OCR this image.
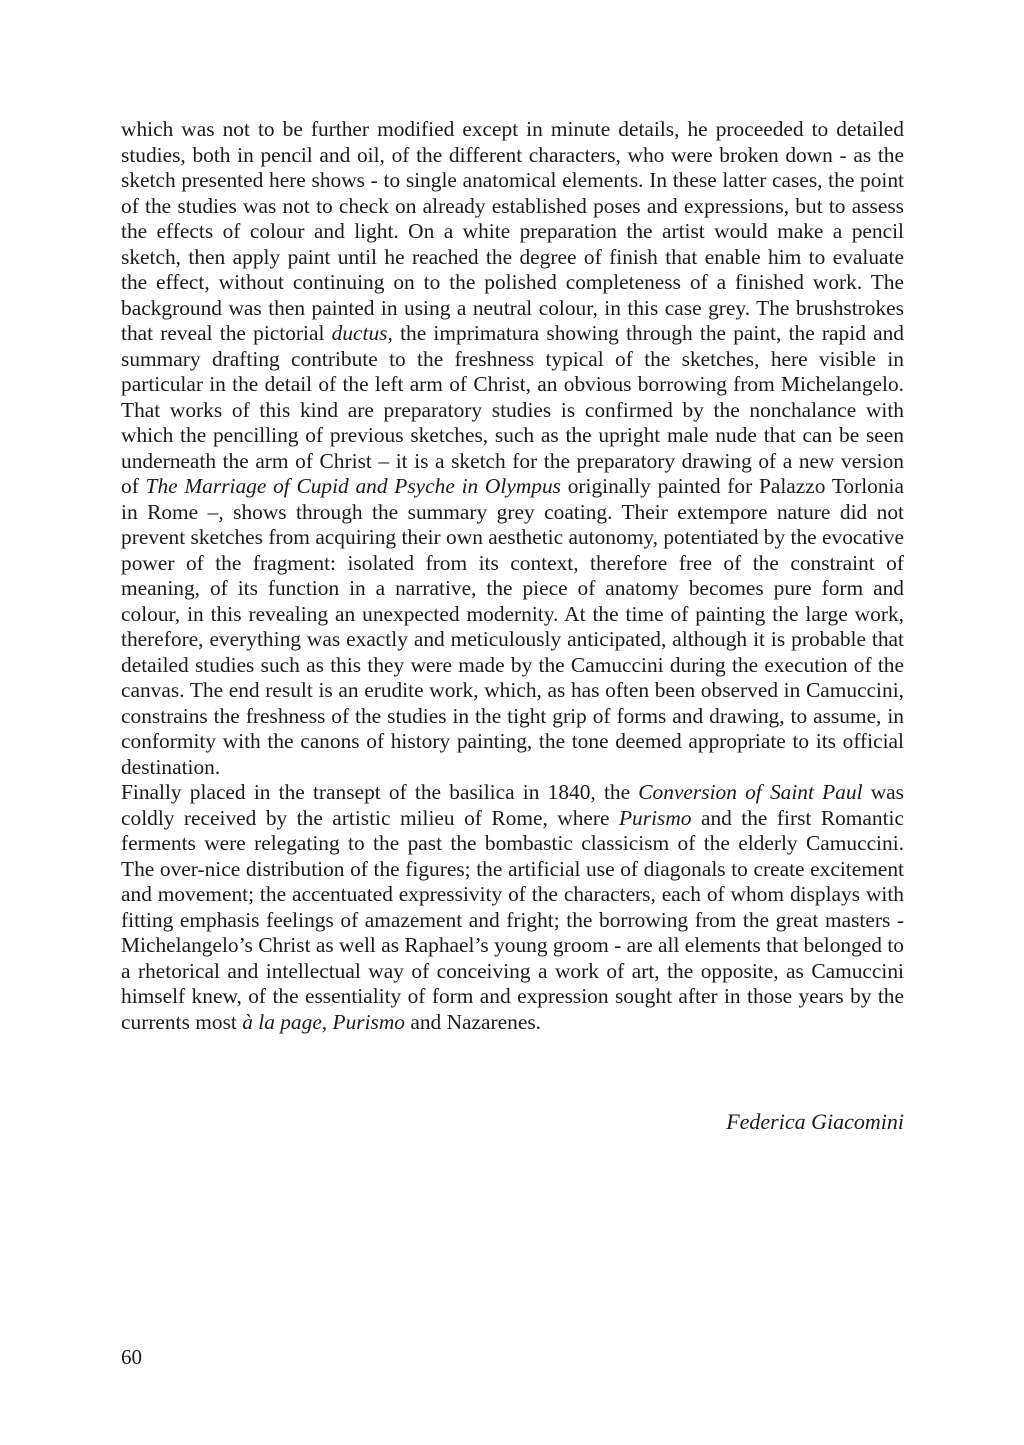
which was not to be further modified except in minute details, he proceeded to detailed studies, both in pencil and oil, of the different characters, who were broken down - as the sketch presented here shows - to single anatomical elements. In these latter cases, the point of the studies was not to check on already established poses and expressions, but to assess the effects of colour and light. On a white preparation the artist would make a pencil sketch, then apply paint until he reached the degree of finish that enable him to evaluate the effect, without continuing on to the polished completeness of a finished work. The background was then painted in using a neutral colour, in this case grey. The brushstrokes that reveal the pictorial ductus, the imprimatura showing through the paint, the rapid and summary drafting contribute to the freshness typical of the sketches, here visible in particular in the detail of the left arm of Christ, an obvious borrowing from Michelangelo. That works of this kind are preparatory studies is confirmed by the nonchalance with which the pencilling of previous sketches, such as the upright male nude that can be seen underneath the arm of Christ – it is a sketch for the preparatory drawing of a new version of The Marriage of Cupid and Psyche in Olympus originally painted for Palazzo Torlonia in Rome –, shows through the summary grey coating. Their extempore nature did not prevent sketches from acquiring their own aesthetic autonomy, potentiated by the evocative power of the fragment: isolated from its context, therefore free of the constraint of meaning, of its function in a narrative, the piece of anatomy becomes pure form and colour, in this revealing an unexpected modernity. At the time of painting the large work, therefore, everything was exactly and meticulously anticipated, although it is probable that detailed studies such as this they were made by the Camuccini during the execution of the canvas. The end result is an erudite work, which, as has often been observed in Camuccini, constrains the freshness of the studies in the tight grip of forms and drawing, to assume, in conformity with the canons of history painting, the tone deemed appropriate to its official destination.

Finally placed in the transept of the basilica in 1840, the Conversion of Saint Paul was coldly received by the artistic milieu of Rome, where Purismo and the first Romantic ferments were relegating to the past the bombastic classicism of the elderly Camuccini. The over-nice distribution of the figures; the artificial use of diagonals to create excitement and movement; the accentuated expressivity of the characters, each of whom displays with fitting emphasis feelings of amazement and fright; the borrowing from the great masters - Michelangelo’s Christ as well as Raphael’s young groom - are all elements that belonged to a rhetorical and intellectual way of conceiving a work of art, the opposite, as Camuccini himself knew, of the essentiality of form and expression sought after in those years by the currents most à la page, Purismo and Nazarenes.

Federica Giacomini
60
